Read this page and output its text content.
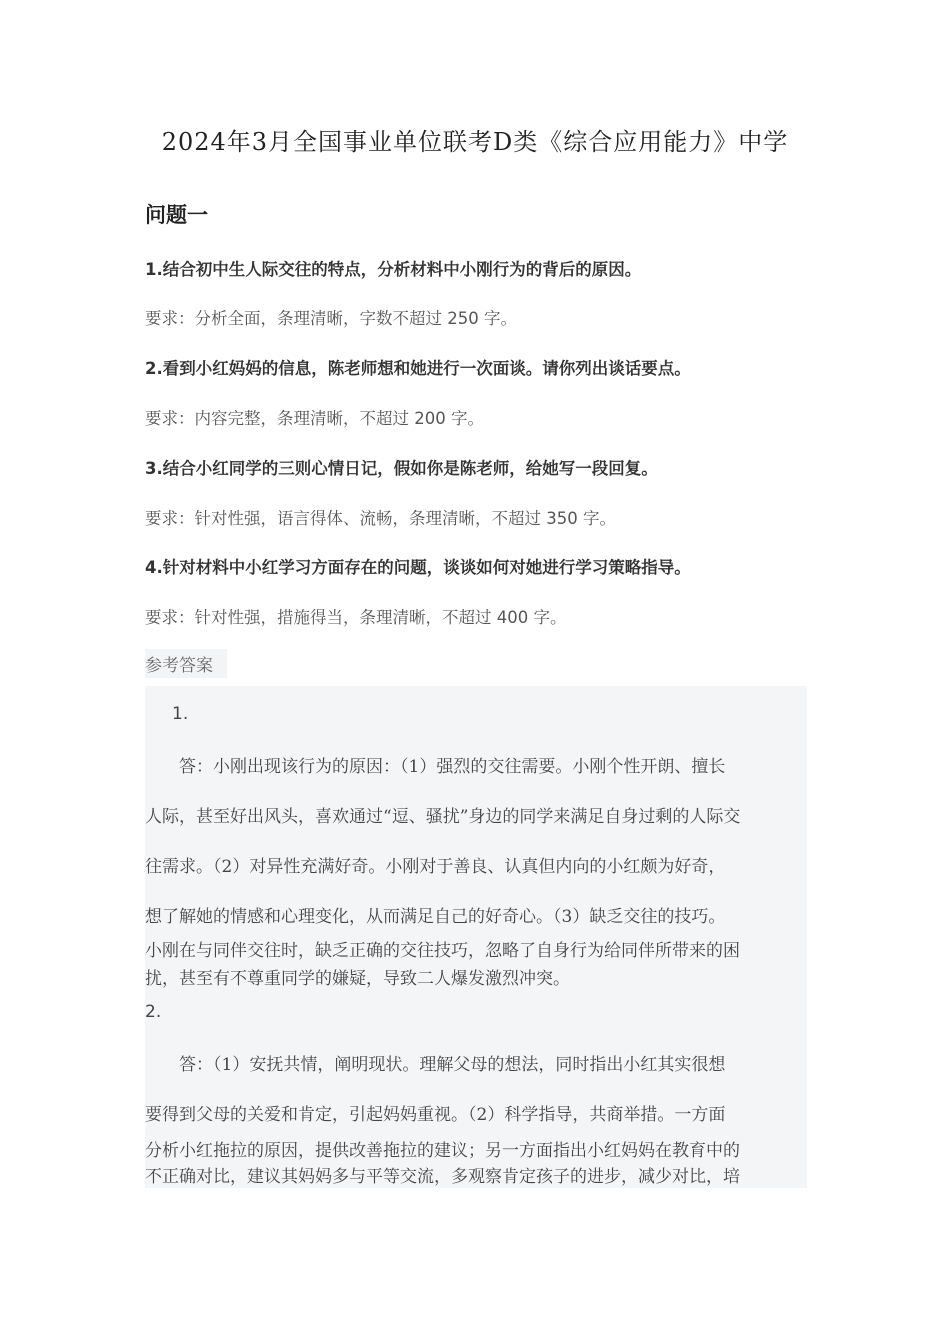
2024年3月全国事业单位联考D类《综合应用能力》中学
问题一
1.结合初中生人际交往的特点，分析材料中小刚行为的背后的原因。
要求：分析全面，条理清晰，字数不超过 250 字。
2.看到小红妈妈的信息，陈老师想和她进行一次面谈。请你列出谈话要点。
要求：内容完整，条理清晰，不超过 200 字。
3.结合小红同学的三则心情日记，假如你是陈老师，给她写一段回复。
要求：针对性强，语言得体、流畅，条理清晰，不超过 350 字。
4.针对材料中小红学习方面存在的问题，谈谈如何对她进行学习策略指导。
要求：针对性强，措施得当，条理清晰，不超过 400 字。
参考答案
1.
答：小刚出现该行为的原因：（1）强烈的交往需要。小刚个性开朗、擅长
人际，甚至好出风头，喜欢通过“逗、骚扰”身边的同学来满足自身过剩的人际交
往需求。（2）对异性充满好奇。小刚对于善良、认真但内向的小红颇为好奇，
想了解她的情感和心理变化，从而满足自己的好奇心。（3）缺乏交往的技巧。
小刚在与同伴交往时，缺乏正确的交往技巧，忽略了自身行为给同伴所带来的困
扰，甚至有不尊重同学的嫌疑，导致二人爆发激烈冲突。
2.
答：（1）安抚共情，阐明现状。理解父母的想法，同时指出小红其实很想
要得到父母的关爱和肯定，引起妈妈重视。（2）科学指导，共商举措。一方面
分析小红拖拉的原因，提供改善拖拉的建议；另一方面指出小红妈妈在教育中的
不正确对比，建议其妈妈多与平等交流，多观察肯定孩子的进步，减少对比，培
